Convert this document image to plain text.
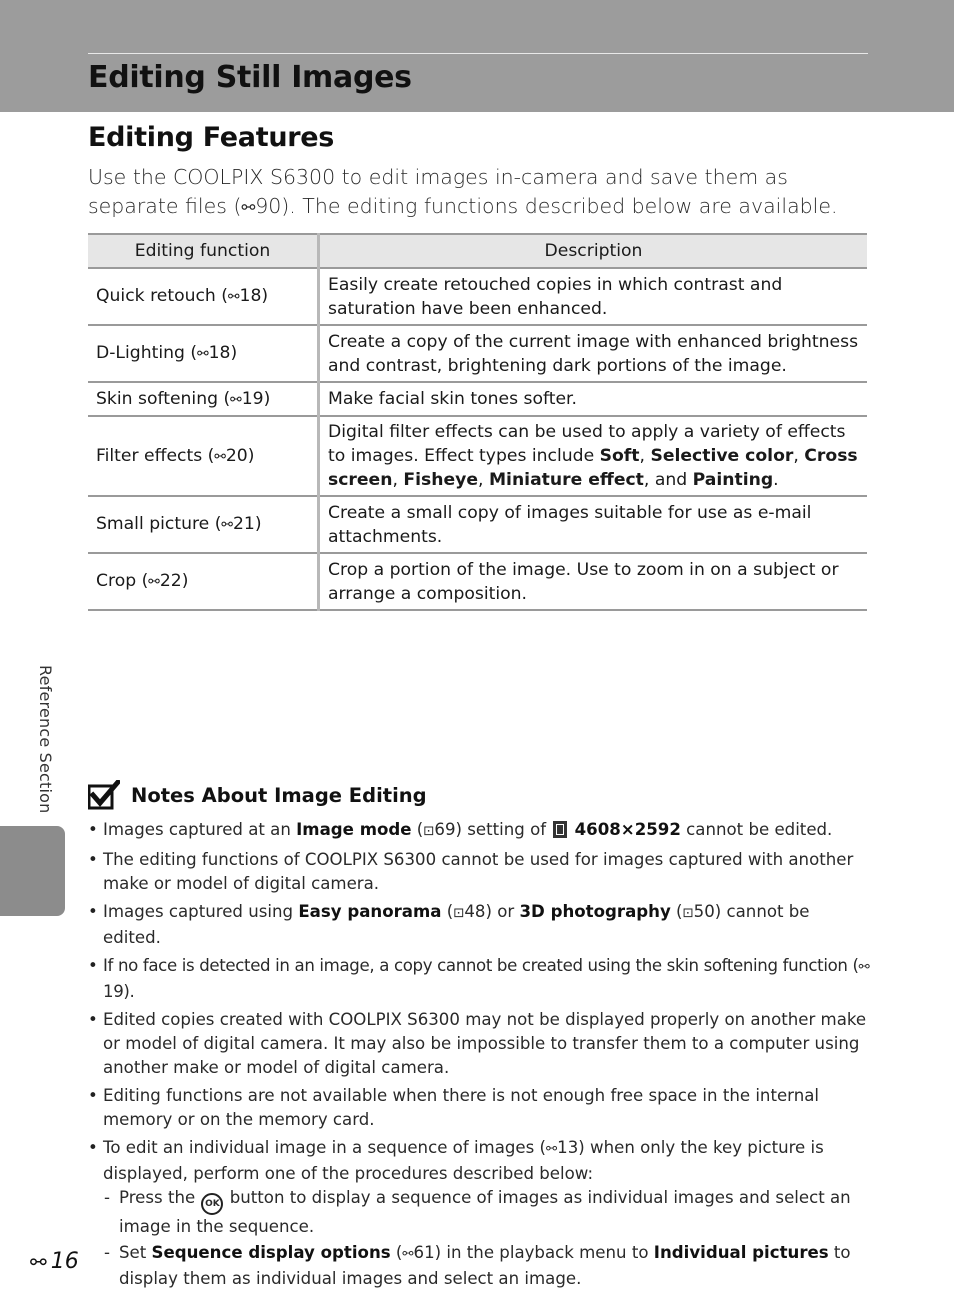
Editing Still Images
Editing Features

Use the COOLPIX S6300 to edit images in-camera and save them as separate files (⚯90). The editing functions described below are available.

Editing function	Description
Quick retouch (⚯18)	Easily create retouched copies in which contrast and saturation have been enhanced.
D-Lighting (⚯18)	Create a copy of the current image with enhanced brightness and contrast, brightening dark portions of the image.
Skin softening (⚯19)	Make facial skin tones softer.
Filter effects (⚯20)	Digital filter effects can be used to apply a variety of effects to images. Effect types include Soft, Selective color, Cross screen, Fisheye, Miniature effect, and Painting.
Small picture (⚯21)	Create a small copy of images suitable for use as e-mail attachments.
Crop (⚯22)	Crop a portion of the image. Use to zoom in on a subject or arrange a composition.
Reference Section	Notes About Image Editing
• Images captured at an Image mode (⊡69) setting of  4608×2592 cannot be edited.
• The editing functions of COOLPIX S6300 cannot be used for images captured with another make or model of digital camera.
• Images captured using Easy panorama (⊡48) or 3D photography (⊡50) cannot be edited.
• If no face is detected in an image, a copy cannot be created using the skin softening function (⚯19).
• Edited copies created with COOLPIX S6300 may not be displayed properly on another make or model of digital camera. It may also be impossible to transfer them to a computer using another make or model of digital camera.
• Editing functions are not available when there is not enough free space in the internal memory or on the memory card.
• To edit an individual image in a sequence of images (⚯13) when only the key picture is displayed, perform one of the procedures described below:
- Press the OK button to display a sequence of images as individual images and select an image in the sequence.
- Set Sequence display options (⚯61) in the playback menu to Individual pictures to display them as individual images and select an image.
⚯ 16
